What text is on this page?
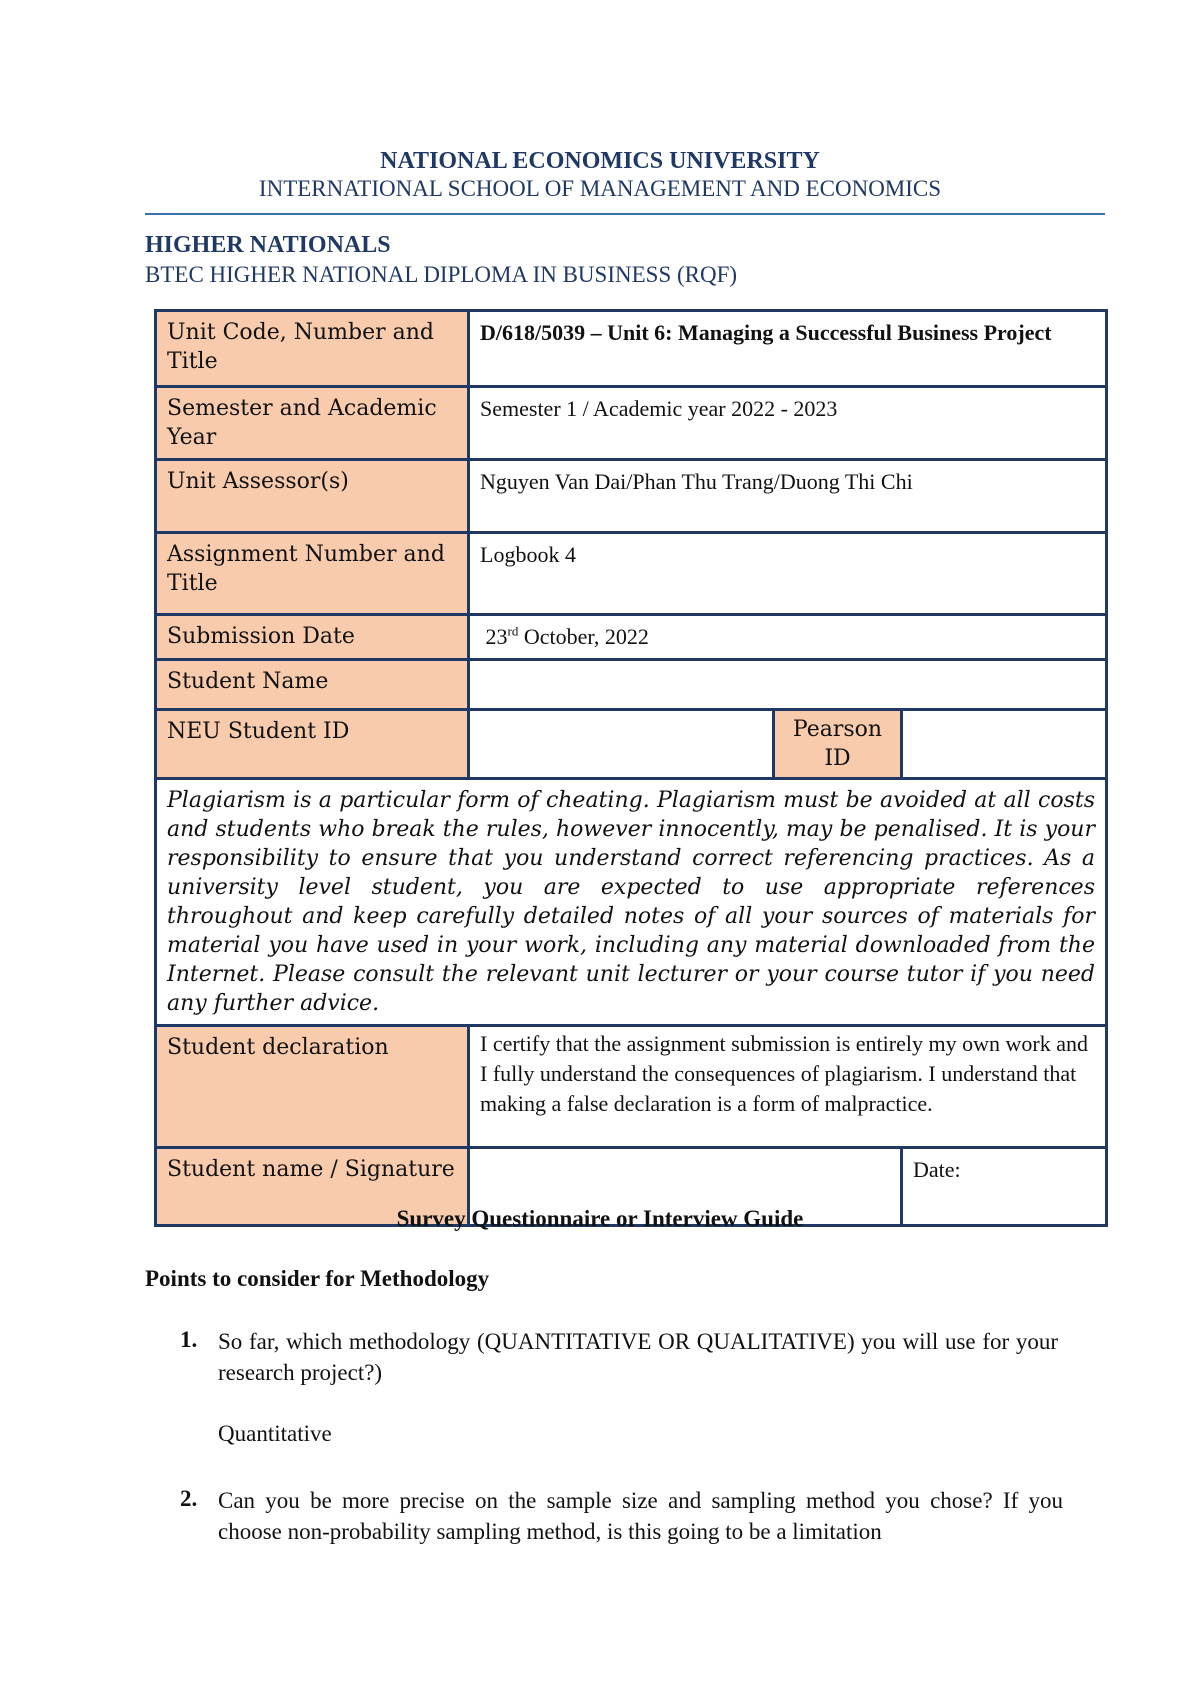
NATIONAL ECONOMICS UNIVERSITY
INTERNATIONAL SCHOOL OF MANAGEMENT AND ECONOMICS
HIGHER NATIONALS
BTEC HIGHER NATIONAL DIPLOMA IN BUSINESS (RQF)
Unit Code, Number and Title	D/618/5039 – Unit 6: Managing a Successful Business Project		
Semester and Academic Year	Semester 1 / Academic year 2022 - 2023		
Unit Assessor(s)	Nguyen Van Dai/Phan Thu Trang/Duong Thi Chi		
Assignment Number and Title	Logbook 4		
Submission Date	23rd October, 2022		
Student Name			
NEU Student ID		Pearson ID	
Plagiarism is a particular form of cheating. Plagiarism must be avoided at all costs and students who break the rules, however innocently, may be penalised. It is your responsibility to ensure that you understand correct referencing practices. As a university level student, you are expected to use appropriate references throughout and keep carefully detailed notes of all your sources of materials for material you have used in your work, including any material downloaded from the Internet. Please consult the relevant unit lecturer or your course tutor if you need any further advice.			
Student declaration	I certify that the assignment submission is entirely my own work and I fully understand the consequences of plagiarism. I understand that making a false declaration is a form of malpractice.		
Student name / Signature			Date:
Survey Questionnaire or Interview Guide
Points to consider for Methodology
1. So far, which methodology (QUANTITATIVE OR QUALITATIVE) you will use for your research project?)
Quantitative
2. Can you be more precise on the sample size and sampling method you chose? If you choose non-probability sampling method, is this going to be a limitation
